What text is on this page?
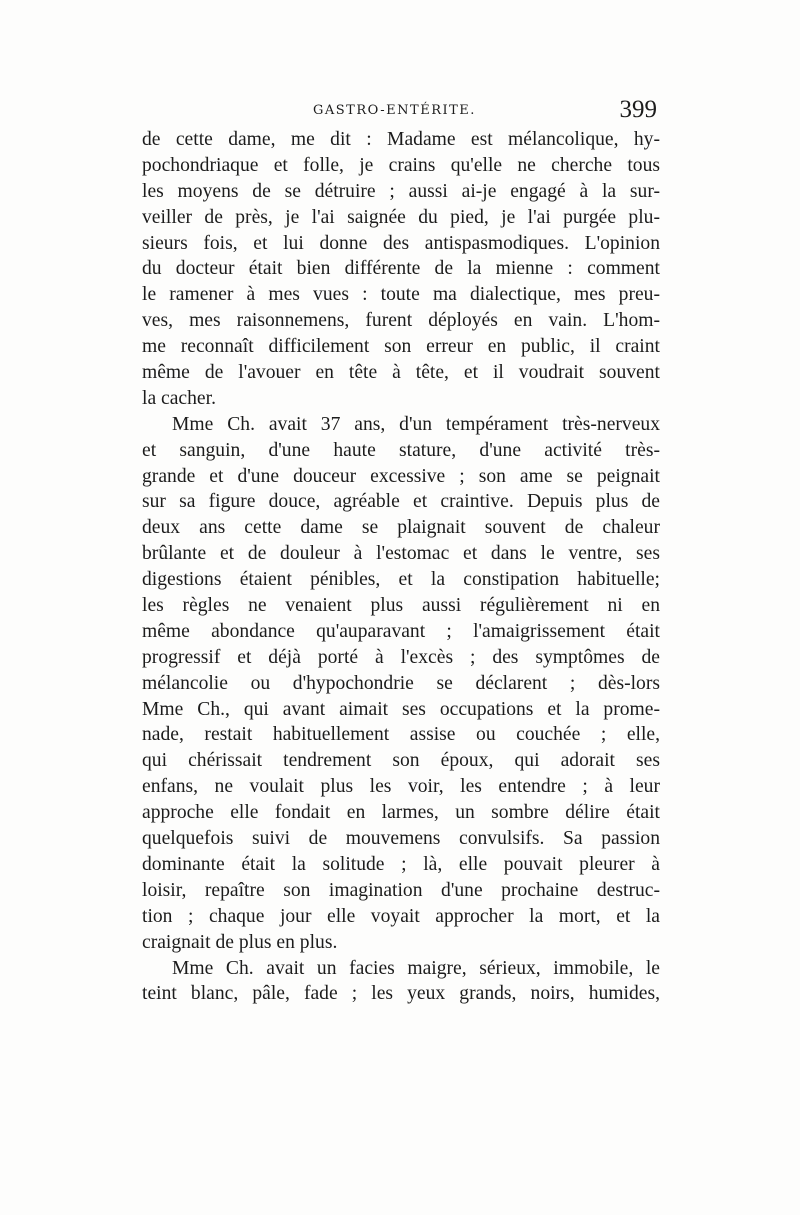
GASTRO-ENTÉRITE.	399
de cette dame, me dit : Madame est mélancolique, hy-
pochondriaque et folle, je crains qu'elle ne cherche tous
les moyens de se détruire ; aussi ai-je engagé à la sur-
veiller de près, je l'ai saignée du pied, je l'ai purgée plu-
sieurs fois, et lui donne des antispasmodiques. L'opinion
du docteur était bien différente de la mienne : comment
le ramener à mes vues : toute ma dialectique, mes preu-
ves, mes raisonnemens, furent déployés en vain. L'hom-
me reconnaît difficilement son erreur en public, il craint
même de l'avouer en tête à tête, et il voudrait souvent
la cacher.
Mme Ch. avait 37 ans, d'un tempérament très-nerveux
et sanguin, d'une haute stature, d'une activité très-
grande et d'une douceur excessive ; son ame se peignait
sur sa figure douce, agréable et craintive. Depuis plus de
deux ans cette dame se plaignait souvent de chaleur
brûlante et de douleur à l'estomac et dans le ventre, ses
digestions étaient pénibles, et la constipation habituelle;
les règles ne venaient plus aussi régulièrement ni en
même abondance qu'auparavant ; l'amaigrissement était
progressif et déjà porté à l'excès ; des symptômes de
mélancolie ou d'hypochondrie se déclarent ; dès-lors
Mme Ch., qui avant aimait ses occupations et la prome-
nade, restait habituellement assise ou couchée ; elle,
qui chérissait tendrement son époux, qui adorait ses
enfans, ne voulait plus les voir, les entendre ; à leur
approche elle fondait en larmes, un sombre délire était
quelquefois suivi de mouvemens convulsifs. Sa passion
dominante était la solitude ; là, elle pouvait pleurer à
loisir, repaître son imagination d'une prochaine destruc-
tion ; chaque jour elle voyait approcher la mort, et la
craignait de plus en plus.
Mme Ch. avait un facies maigre, sérieux, immobile, le
teint blanc, pâle, fade ; les yeux grands, noirs, humides,
